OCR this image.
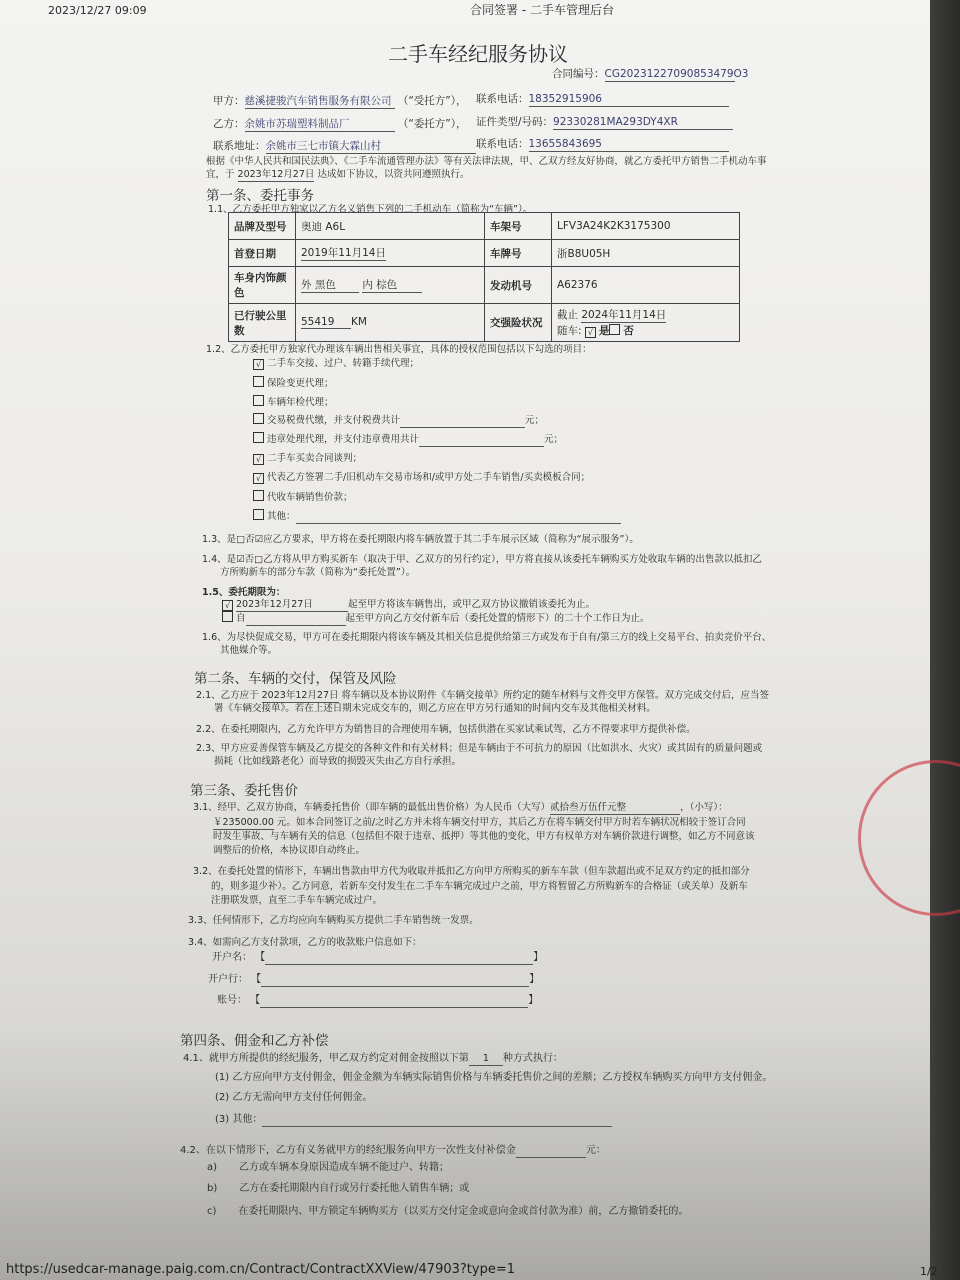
2023/12/27 09:09	合同签署 - 二手车管理后台
二手车经纪服务协议
合同编号：CG20231227090853479O3
甲方：慈溪捷骏汽车销售服务有限公司 （“受托方”）， 联系电话：18352915906
乙方：余姚市苏瑞塑料制品厂	（“委托方”）， 证件类型/号码：92330281MA293DY4XR
联系地址：余姚市三七市镇大霖山村	联系电话：13655843695
根据《中华人民共和国民法典》、《二手车流通管理办法》等有关法律法规，甲、乙双方经友好协商，就乙方委托甲方销售二手机动车事
宜，于 2023年12月27日 达成如下协议，以资共同遵照执行。
第一条、委托事务
1.1、乙方委托甲方独家以乙方名义销售下列的二手机动车（简称为“车辆”）。
品牌及型号	奥迪 A6L	车架号	LFV3A24K2K3175300
首登日期	2019年11月14日	车牌号	浙B8U05H
车身内饰颜色	外 黑色 内 棕色	发动机号	A62376
已行驶公里数	55419 KM	交强险状况	截止 2024年11月14日
随车: √ 是 否
1.2、乙方委托甲方独家代办理该车辆出售相关事宜，具体的授权范围包括以下勾选的项目：
√ 二手车交接、过户、转籍手续代理；
保险变更代理；
车辆年检代理；
交易税费代缴，并支付税费共计	元；
违章处理代理，并支付违章费用共计	元；
√ 二手车买卖合同谈判；
√ 代表乙方签署二手/旧机动车交易市场和/或甲方处二手车销售/买卖模板合同；
代收车辆销售价款；
其他：
1.3、是□否☑应乙方要求，甲方将在委托期限内将车辆放置于其二手车展示区域（简称为“展示服务”）。
1.4、是☑否□乙方将从甲方购买新车（取决于甲、乙双方的另行约定），甲方将直接从该委托车辆购买方处收取车辆的出售款以抵扣乙
方所购新车的部分车款（简称为“委托处置”）。
1.5、委托期限为：
√ 2023年12月27日	起至甲方将该车辆售出，或甲乙双方协议撤销该委托为止。
自	起至甲方向乙方交付新车后（委托处置的情形下）的二十个工作日为止。
1.6、为尽快促成交易，甲方可在委托期限内将该车辆及其相关信息提供给第三方或发布于自有/第三方的线上交易平台、拍卖竞价平台、
其他媒介等。
第二条、车辆的交付，保管及风险
2.1、乙方应于 2023年12月27日 将车辆以及本协议附件《车辆交接单》所约定的随车材料与文件交甲方保管。双方完成交付后，应当签
署《车辆交接单》。若在上述日期未完成交车的，则乙方应在甲方另行通知的时间内交车及其他相关材料。
2.2、在委托期限内，乙方允许甲方为销售目的合理使用车辆，包括供潜在买家试乘试驾，乙方不得要求甲方提供补偿。
2.3、甲方应妥善保管车辆及乙方提交的各种文件和有关材料；但是车辆由于不可抗力的原因（比如洪水、火灾）或其固有的质量问题或
损耗（比如线路老化）而导致的损毁灭失由乙方自行承担。
第三条、委托售价
3.1、经甲、乙双方协商，车辆委托售价（即车辆的最低出售价格）为人民币（大写）贰拾叁万伍仟元整	，（小写）：
￥235000.00 元。如本合同签订之前/之时乙方并未将车辆交付甲方，其后乙方在将车辆交付甲方时若车辆状况相较于签订合同
时发生事故、与车辆有关的信息（包括但不限于违章、抵押）等其他的变化，甲方有权单方对车辆价款进行调整，如乙方不同意该
调整后的价格，本协议即自动终止。
3.2、在委托处置的情形下，车辆出售款由甲方代为收取并抵扣乙方向甲方所购买的新车车款（但车款超出或不足双方约定的抵扣部分
的，则多退少补）。乙方同意，若新车交付发生在二手车车辆完成过户之前，甲方将暂留乙方所购新车的合格证（或关单）及新车
注册联发票，直至二手车车辆完成过户。
3.3、任何情形下，乙方均应向车辆购买方提供二手车销售统一发票。
3.4、如需向乙方支付款项，乙方的收款账户信息如下：
开户名： 【	】
开户行： 【	】
账号： 【	】
第四条、佣金和乙方补偿
4.1、就甲方所提供的经纪服务，甲乙双方约定对佣金按照以下第 1 种方式执行：
(1) 乙方应向甲方支付佣金，佣金金额为车辆实际销售价格与车辆委托售价之间的差额；乙方授权车辆购买方向甲方支付佣金。
(2) 乙方无需向甲方支付任何佣金。
(3) 其他：
4.2、在以下情形下，乙方有义务就甲方的经纪服务向甲方一次性支付补偿金	元：
a) 乙方或车辆本身原因造成车辆不能过户、转籍；
b) 乙方在委托期限内自行或另行委托他人销售车辆；或
c) 在委托期限内、甲方锁定车辆购买方（以买方交付定金或意向金或首付款为准）前，乙方撤销委托的。
https://usedcar-manage.paig.com.cn/Contract/ContractXXView/47903?type=1	1/2
